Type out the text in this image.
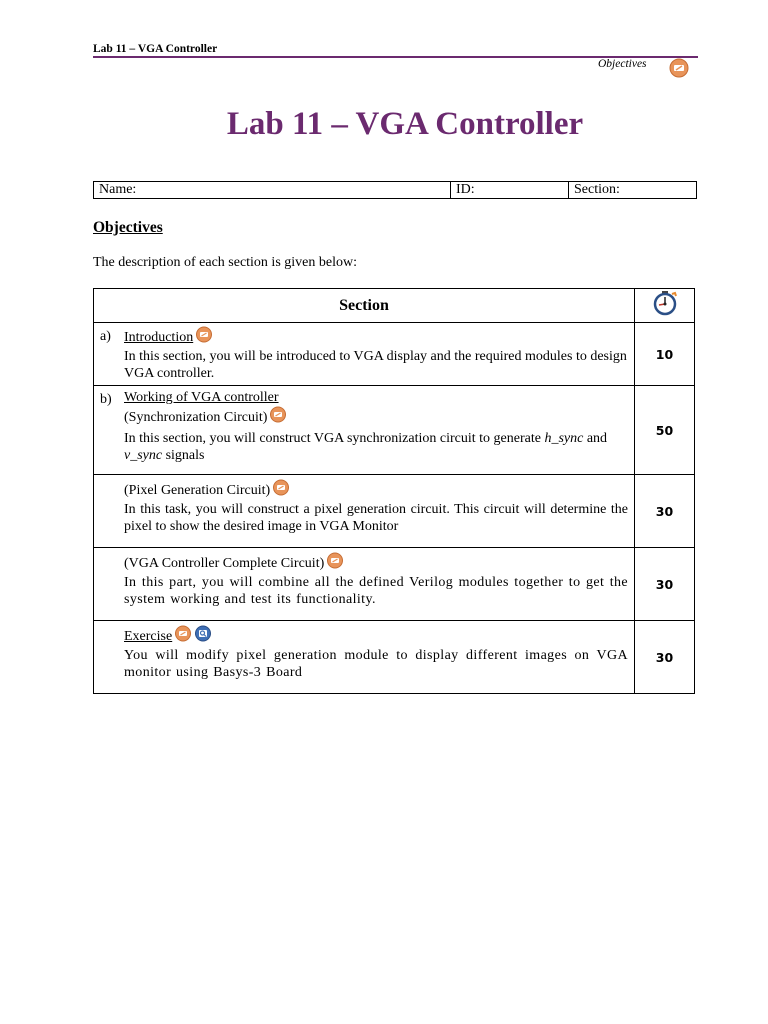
Lab 11 – VGA Controller
Objectives
Lab 11 – VGA Controller
Name:	ID:	Section:
Objectives
The description of each section is given below:
Section	

a) Introduction
In this section, you will be introduced to VGA display and the required modules to design VGA controller.	10

b) Working of VGA controller
(Synchronization Circuit)
In this section, you will construct VGA synchronization circuit to generate h_sync and v_sync signals	50

(Pixel Generation Circuit)
In this task, you will construct a pixel generation circuit. This circuit will determine the pixel to show the desired image in VGA Monitor	30

(VGA Controller Complete Circuit)
In this part, you will combine all the defined Verilog modules together to get the system working and test its functionality.	30

Exercise
You will modify pixel generation module to display different images on VGA monitor using Basys-3 Board	30
